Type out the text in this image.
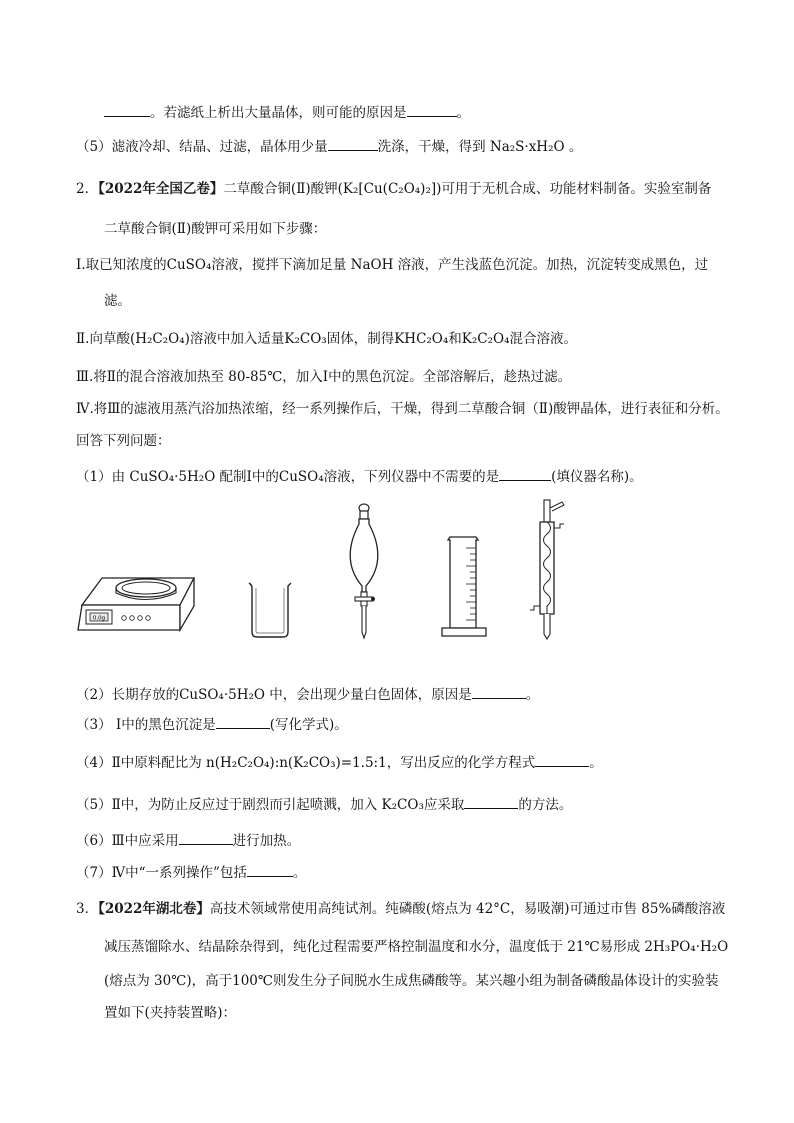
。若滤纸上析出大量晶体，则可能的原因是	。
（5）滤液冷却、结晶、过滤，晶体用少量	洗涤，干燥，得到 Na₂S·xH₂O 。
2．【2022年全国乙卷】二草酸合铜(Ⅱ)酸钾(K₂[Cu(C₂O₄)₂])可用于无机合成、功能材料制备。实验室制备
二草酸合铜(Ⅱ)酸钾可采用如下步骤：
Ⅰ.取已知浓度的CuSO₄溶液，搅拌下滴加足量 NaOH 溶液，产生浅蓝色沉淀。加热，沉淀转变成黑色，过
滤。
Ⅱ.向草酸(H₂C₂O₄)溶液中加入适量K₂CO₃固体，制得KHC₂O₄和K₂C₂O₄混合溶液。
Ⅲ.将Ⅱ的混合溶液加热至 80-85℃，加入Ⅰ中的黑色沉淀。全部溶解后，趁热过滤。
Ⅳ.将Ⅲ的滤液用蒸汽浴加热浓缩，经一系列操作后，干燥，得到二草酸合铜（Ⅱ)酸钾晶体，进行表征和分析。
回答下列问题：
（1）由 CuSO₄·5H₂O 配制Ⅰ中的CuSO₄溶液，下列仪器中不需要的是	(填仪器名称)。
0.0g
（2）长期存放的CuSO₄·5H₂O 中，会出现少量白色固体，原因是	。
（3） Ⅰ中的黑色沉淀是	(写化学式)。
（4）Ⅱ中原料配比为 n(H₂C₂O₄):n(K₂CO₃)=1.5:1，写出反应的化学方程式	。
（5）Ⅱ中，为防止反应过于剧烈而引起喷溅，加入 K₂CO₃应采取	的方法。
（6）Ⅲ中应采用	进行加热。
（7）Ⅳ中“一系列操作”包括	。
3．【2022年湖北卷】高技术领域常使用高纯试剂。纯磷酸(熔点为 42°C，易吸潮)可通过市售 85%磷酸溶液
减压蒸馏除水、结晶除杂得到，纯化过程需要严格控制温度和水分，温度低于 21℃易形成 2H₃PO₄·H₂O
(熔点为 30℃)，高于100℃则发生分子间脱水生成焦磷酸等。某兴趣小组为制备磷酸晶体设计的实验装
置如下(夹持装置略)：
